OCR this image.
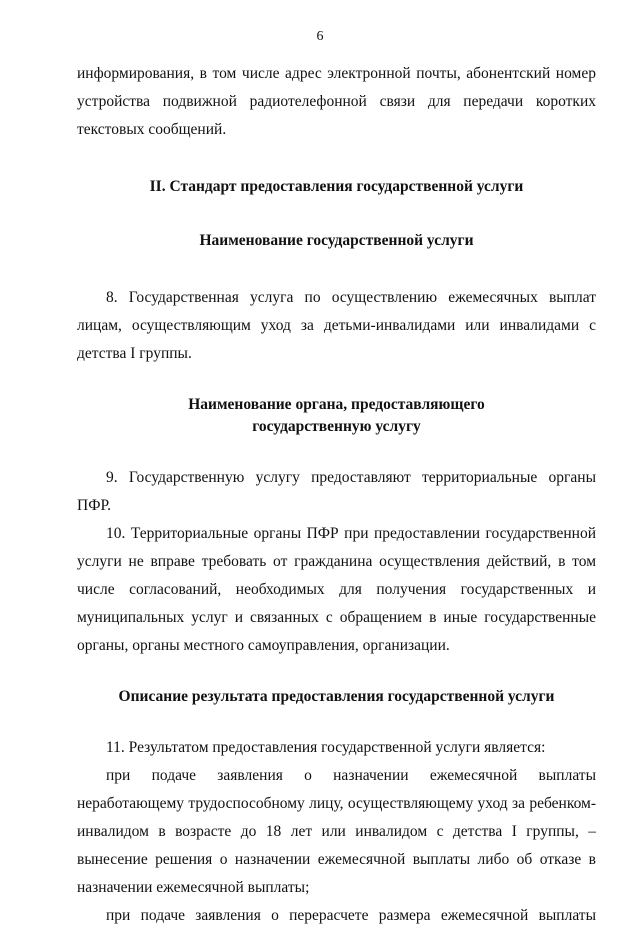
6

информирования, в том числе адрес электронной почты, абонентский номер устройства подвижной радиотелефонной связи для передачи коротких текстовых сообщений.

II. Стандарт предоставления государственной услуги
Наименование государственной услуги

8. Государственная услуга по осуществлению ежемесячных выплат лицам, осуществляющим уход за детьми-инвалидами или инвалидами с детства I группы.

Наименование органа, предоставляющего
государственную услугу

9. Государственную услугу предоставляют территориальные органы ПФР.

10. Территориальные органы ПФР при предоставлении государственной услуги не вправе требовать от гражданина осуществления действий, в том числе согласований, необходимых для получения государственных и муниципальных услуг и связанных с обращением в иные государственные органы, органы местного самоуправления, организации.

Описание результата предоставления государственной услуги

11. Результатом предоставления государственной услуги является:

при подаче заявления о назначении ежемесячной выплаты неработающему трудоспособному лицу, осуществляющему уход за ребенком-инвалидом в возрасте до 18 лет или инвалидом с детства I группы, – вынесение решения о назначении ежемесячной выплаты либо об отказе в назначении ежемесячной выплаты;

при подаче заявления о перерасчете размера ежемесячной выплаты
